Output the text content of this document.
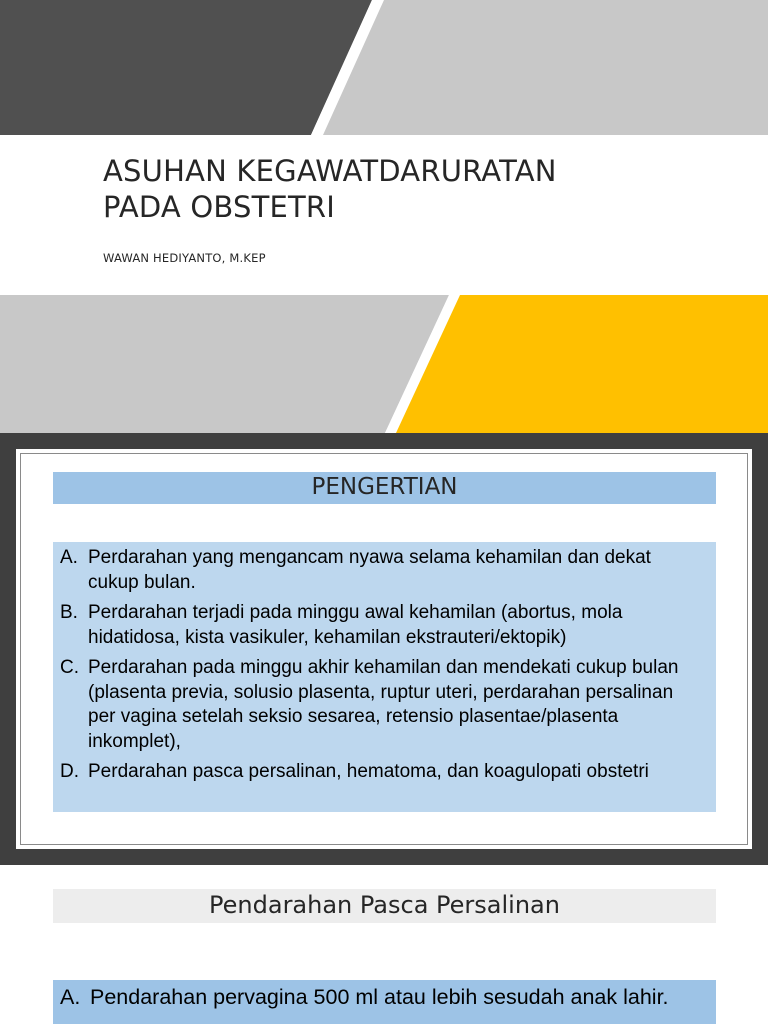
ASUHAN KEGAWATDARURATAN
PADA OBSTETRI
WAWAN HEDIYANTO, M.KEP
PENGERTIAN
A. Perdarahan yang mengancam nyawa selama kehamilan dan dekat cukup bulan.
B. Perdarahan terjadi pada minggu awal kehamilan (abortus, mola hidatidosa, kista vasikuler, kehamilan ekstrauteri/ektopik)
C. Perdarahan pada minggu akhir kehamilan dan mendekati cukup bulan (plasenta previa, solusio plasenta, ruptur uteri, perdarahan persalinan per vagina setelah seksio sesarea, retensio plasentae/plasenta inkomplet),
D. Perdarahan pasca persalinan, hematoma, dan koagulopati obstetri
Pendarahan Pasca Persalinan
A. Pendarahan pervagina 500 ml atau lebih sesudah anak lahir.
